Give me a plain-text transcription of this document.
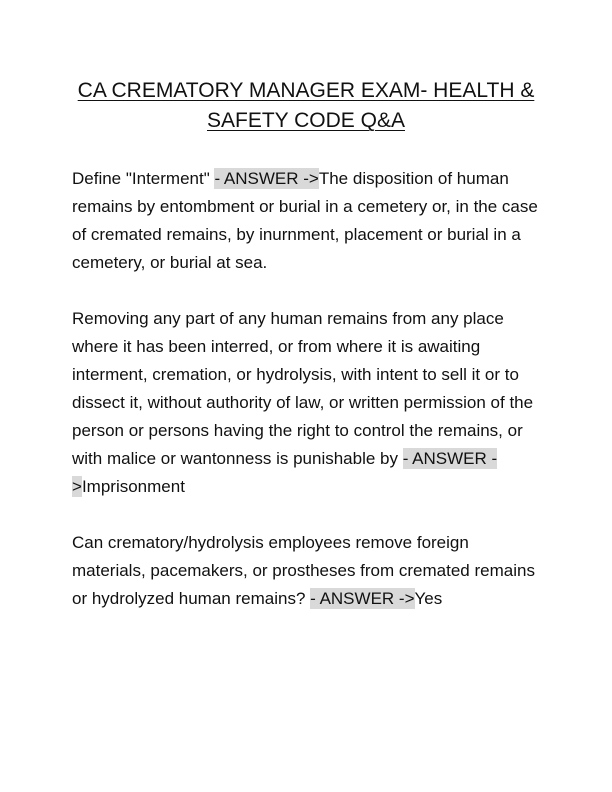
CA CREMATORY MANAGER EXAM- HEALTH & SAFETY CODE Q&A

Define "Interment" - ANSWER ->The disposition of human remains by entombment or burial in a cemetery or, in the case of cremated remains, by inurnment, placement or burial in a cemetery, or burial at sea.

Removing any part of any human remains from any place where it has been interred, or from where it is awaiting interment, cremation, or hydrolysis, with intent to sell it or to dissect it, without authority of law, or written permission of the person or persons having the right to control the remains, or with malice or wantonness is punishable by - ANSWER ->Imprisonment

Can crematory/hydrolysis employees remove foreign materials, pacemakers, or prostheses from cremated remains or hydrolyzed human remains? - ANSWER ->Yes
